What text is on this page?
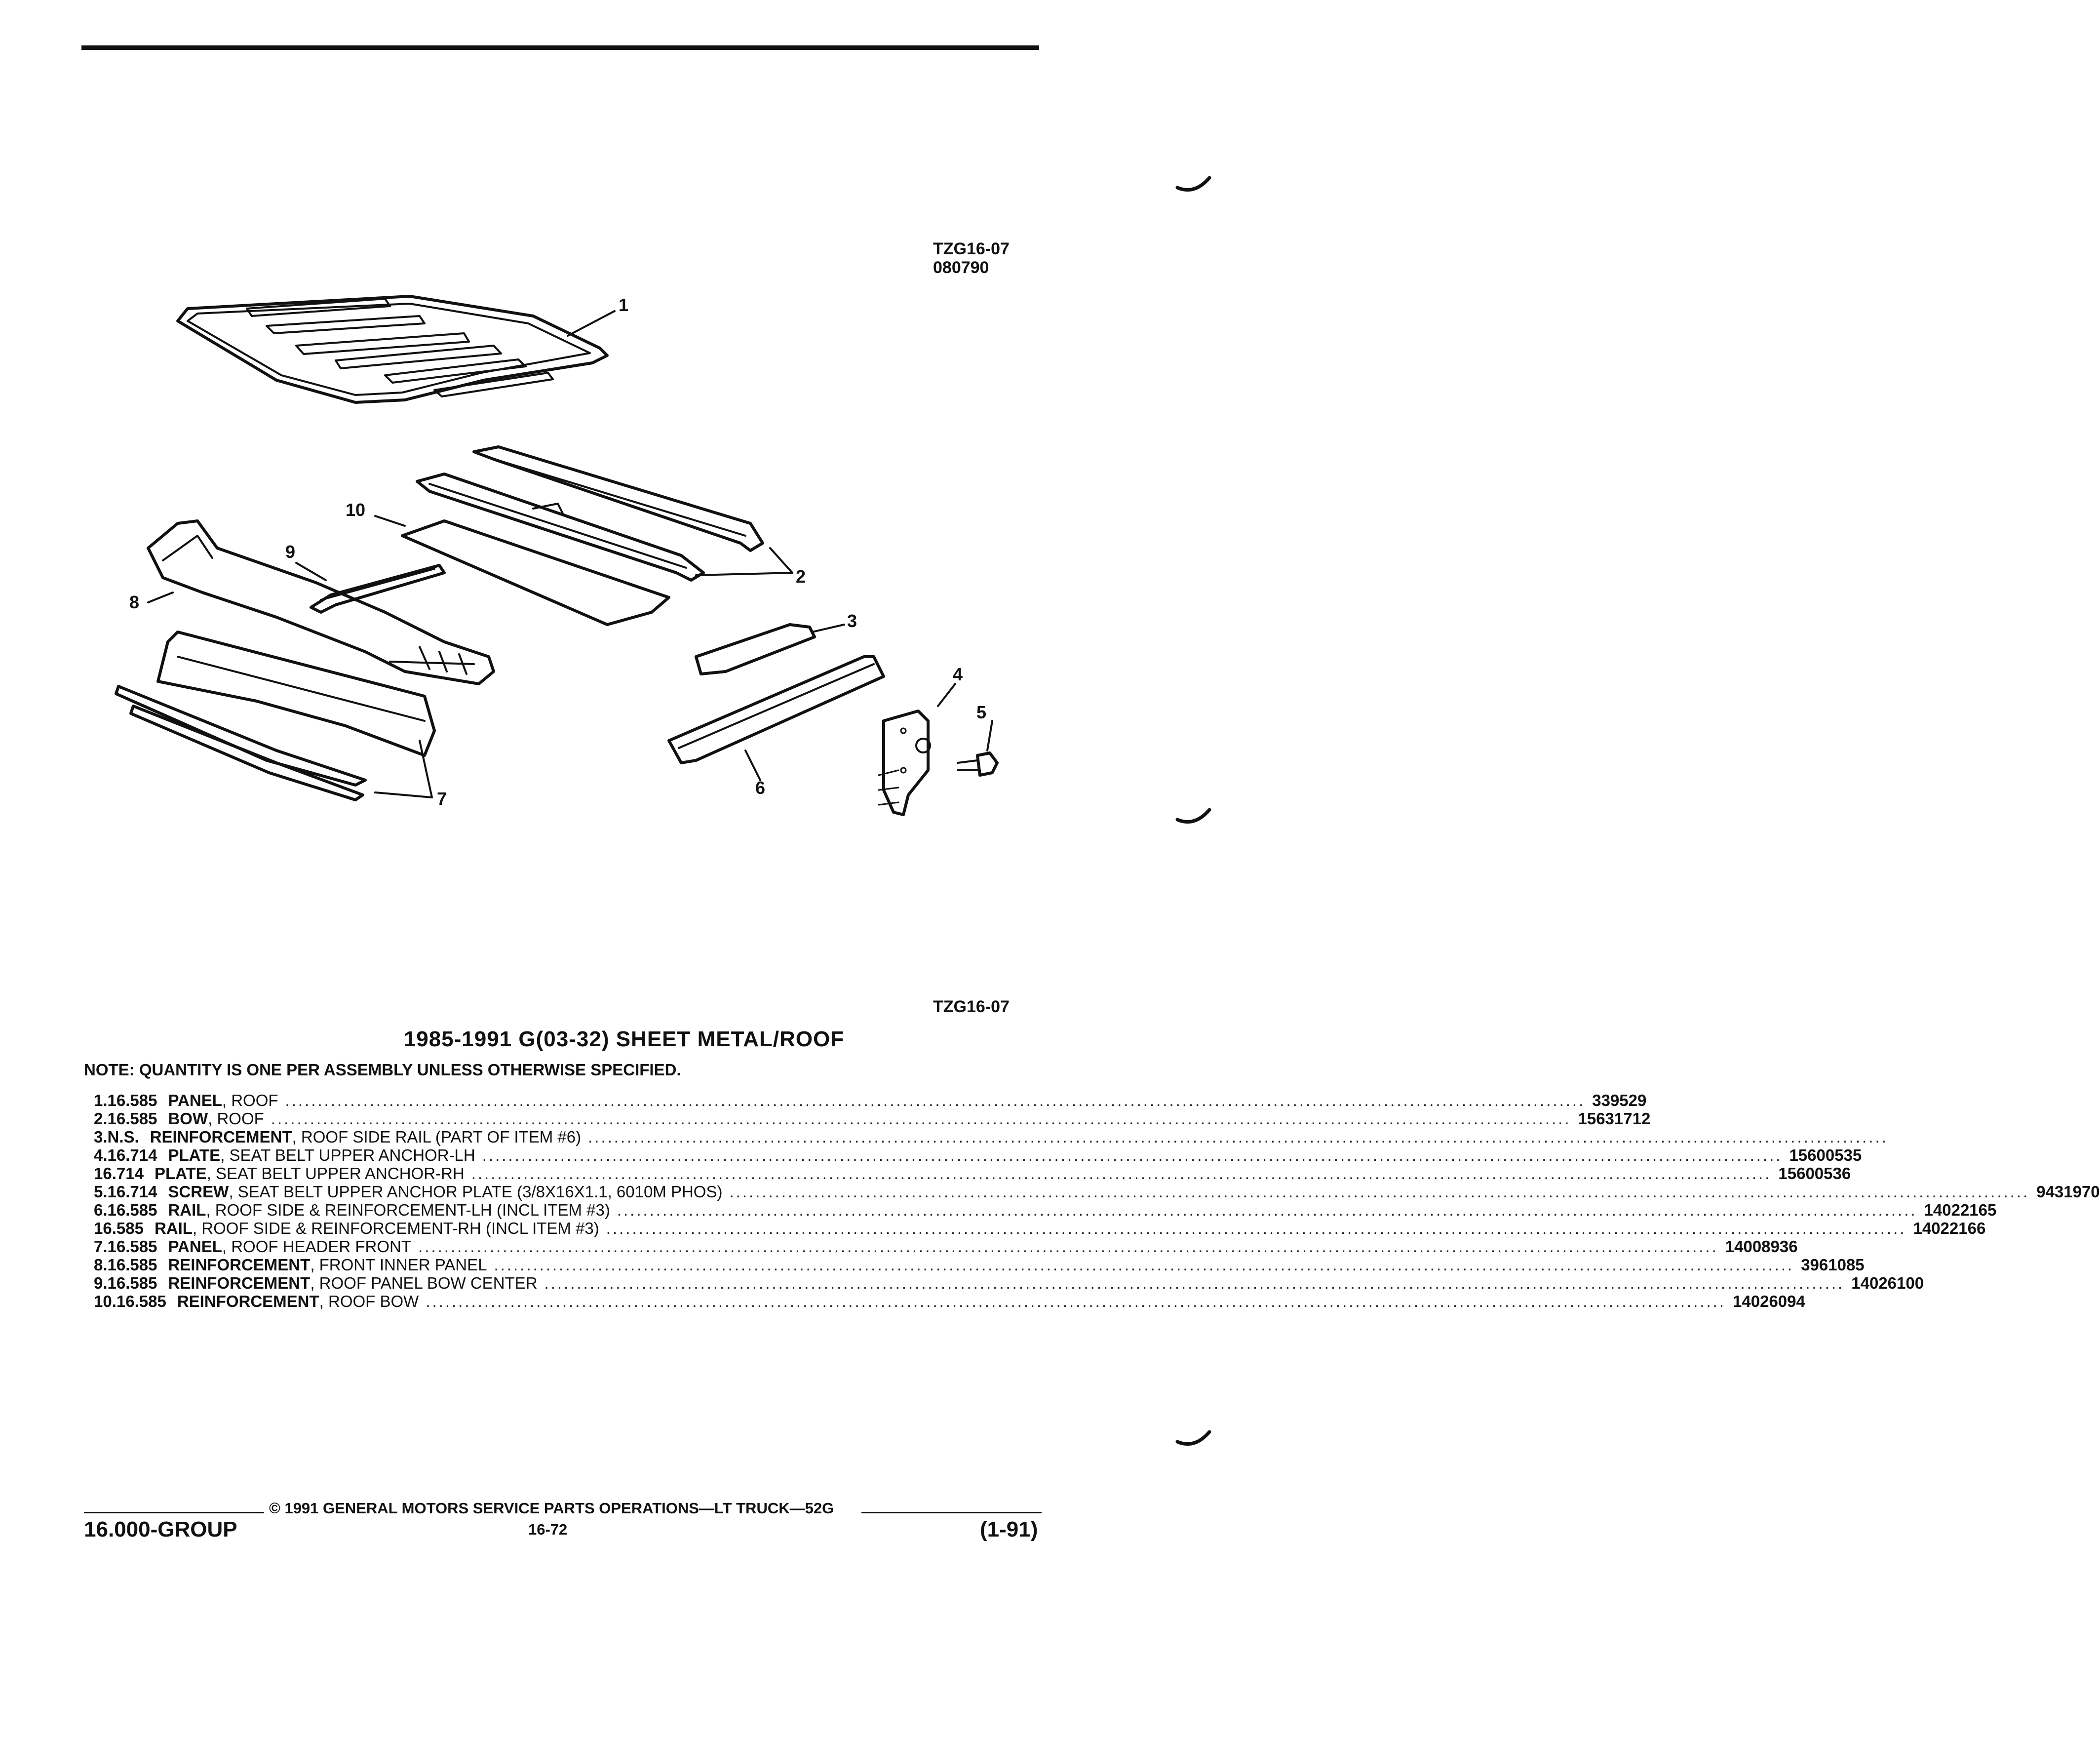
TZG16-07
080790
1
2
3
4
5
6
7
8
9
10
TZG16-07
1985-1991 G(03-32) SHEET METAL/ROOF
NOTE: QUANTITY IS ONE PER ASSEMBLY UNLESS OTHERWISE SPECIFIED.
1. 16.585 PANEL, ROOF ........................................................................................................................................................................................................ 339529
2. 16.585 BOW, ROOF ........................................................................................................................................................................................................ 15631712
3. N.S. REINFORCEMENT, ROOF SIDE RAIL (PART OF ITEM #6) ........................................................................................................................................................................................................
4. 16.714 PLATE, SEAT BELT UPPER ANCHOR-LH ........................................................................................................................................................................................................ 15600535
16.714 PLATE, SEAT BELT UPPER ANCHOR-RH ........................................................................................................................................................................................................ 15600536
5. 16.714 SCREW, SEAT BELT UPPER ANCHOR PLATE (3/8X16X1.1, 6010M PHOS) ........................................................................................................................................................................................................ 9431970
6. 16.585 RAIL, ROOF SIDE & REINFORCEMENT-LH (INCL ITEM #3) ........................................................................................................................................................................................................ 14022165
16.585 RAIL, ROOF SIDE & REINFORCEMENT-RH (INCL ITEM #3) ........................................................................................................................................................................................................ 14022166
7. 16.585 PANEL, ROOF HEADER FRONT ........................................................................................................................................................................................................ 14008936
8. 16.585 REINFORCEMENT, FRONT INNER PANEL ........................................................................................................................................................................................................ 3961085
9. 16.585 REINFORCEMENT, ROOF PANEL BOW CENTER ........................................................................................................................................................................................................ 14026100
10. 16.585 REINFORCEMENT, ROOF BOW ........................................................................................................................................................................................................ 14026094
© 1991 GENERAL MOTORS SERVICE PARTS OPERATIONS—LT TRUCK—52G
16.000-GROUP	16-72	(1-91)
